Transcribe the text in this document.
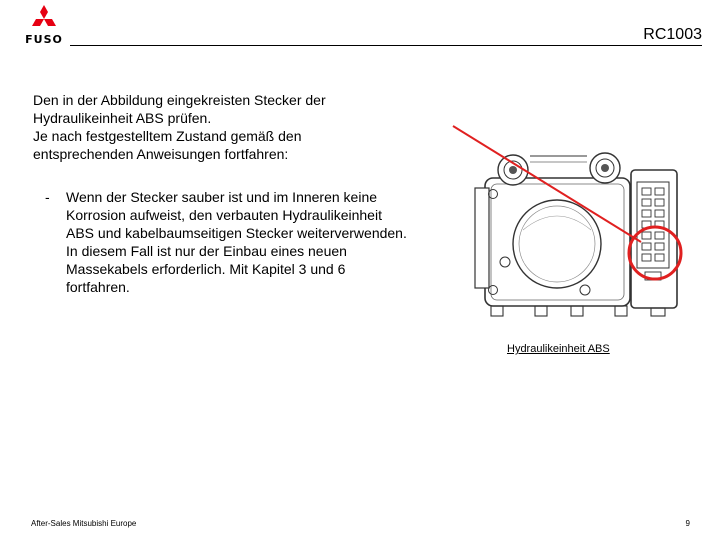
FUSO	RC1003
Den in der Abbildung eingekreisten Stecker der
Hydraulikeinheit ABS prüfen.
Je nach festgestelltem Zustand gemäß den
entsprechenden Anweisungen fortfahren:
- Wenn der Stecker sauber ist und im Inneren keine
Korrosion aufweist, den verbauten Hydraulikeinheit
ABS und kabelbaumseitigen Stecker weiterverwenden.
In diesem Fall ist nur der Einbau eines neuen
Massekabels erforderlich. Mit Kapitel 3 und 6
fortfahren.
Hydraulikeinheit ABS
After-Sales Mitsubishi Europe	9
